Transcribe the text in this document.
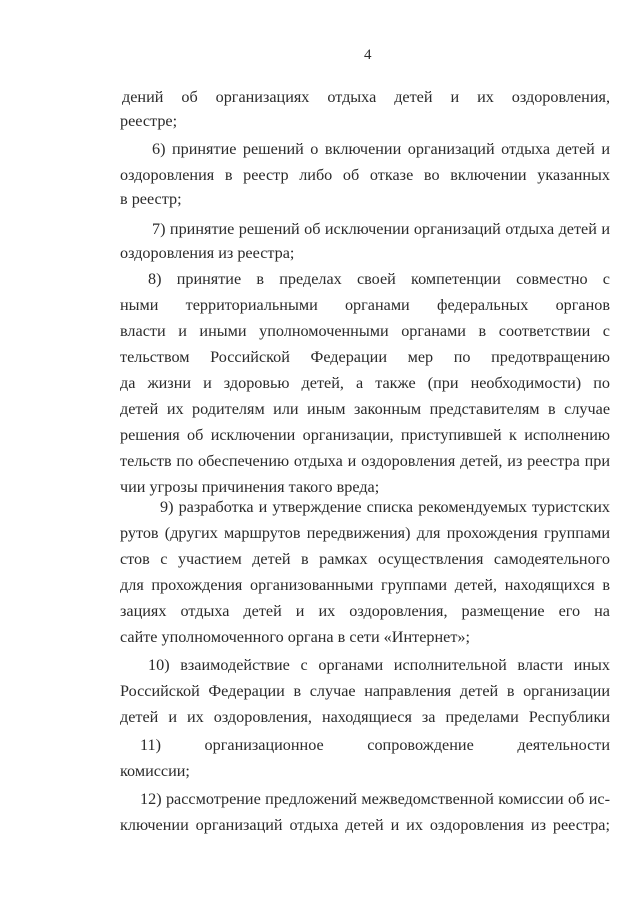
4
дений об организациях отдыха детей и их оздоровления,
реестре;
6) принятие решений о включении организаций отдыха детей и
оздоровления в реестр либо об отказе во включении указанных
в реестр;
7) принятие решений об исключении организаций отдыха детей и
оздоровления из реестра;
8) принятие в пределах своей компетенции совместно с
ными территориальными органами федеральных органов
власти и иными уполномоченными органами в соответствии с
тельством Российской Федерации мер по предотвращению
да жизни и здоровью детей, а также (при необходимости) по
детей их родителям или иным законным представителям в случае
решения об исключении организации, приступившей к исполнению
тельств по обеспечению отдыха и оздоровления детей, из реестра при
чии угрозы причинения такого вреда;
9) разработка и утверждение списка рекомендуемых туристских
рутов (других маршрутов передвижения) для прохождения группами
стов с участием детей в рамках осуществления самодеятельного
для прохождения организованными группами детей, находящихся в
зациях отдыха детей и их оздоровления, размещение его на
сайте уполномоченного органа в сети «Интернет»;
10) взаимодействие с органами исполнительной власти иных
Российской Федерации в случае направления детей в организации
детей и их оздоровления, находящиеся за пределами Республики
11) организационное сопровождение деятельности
комиссии;
12) рассмотрение предложений межведомственной комиссии об ис-
ключении организаций отдыха детей и их оздоровления из реестра;
